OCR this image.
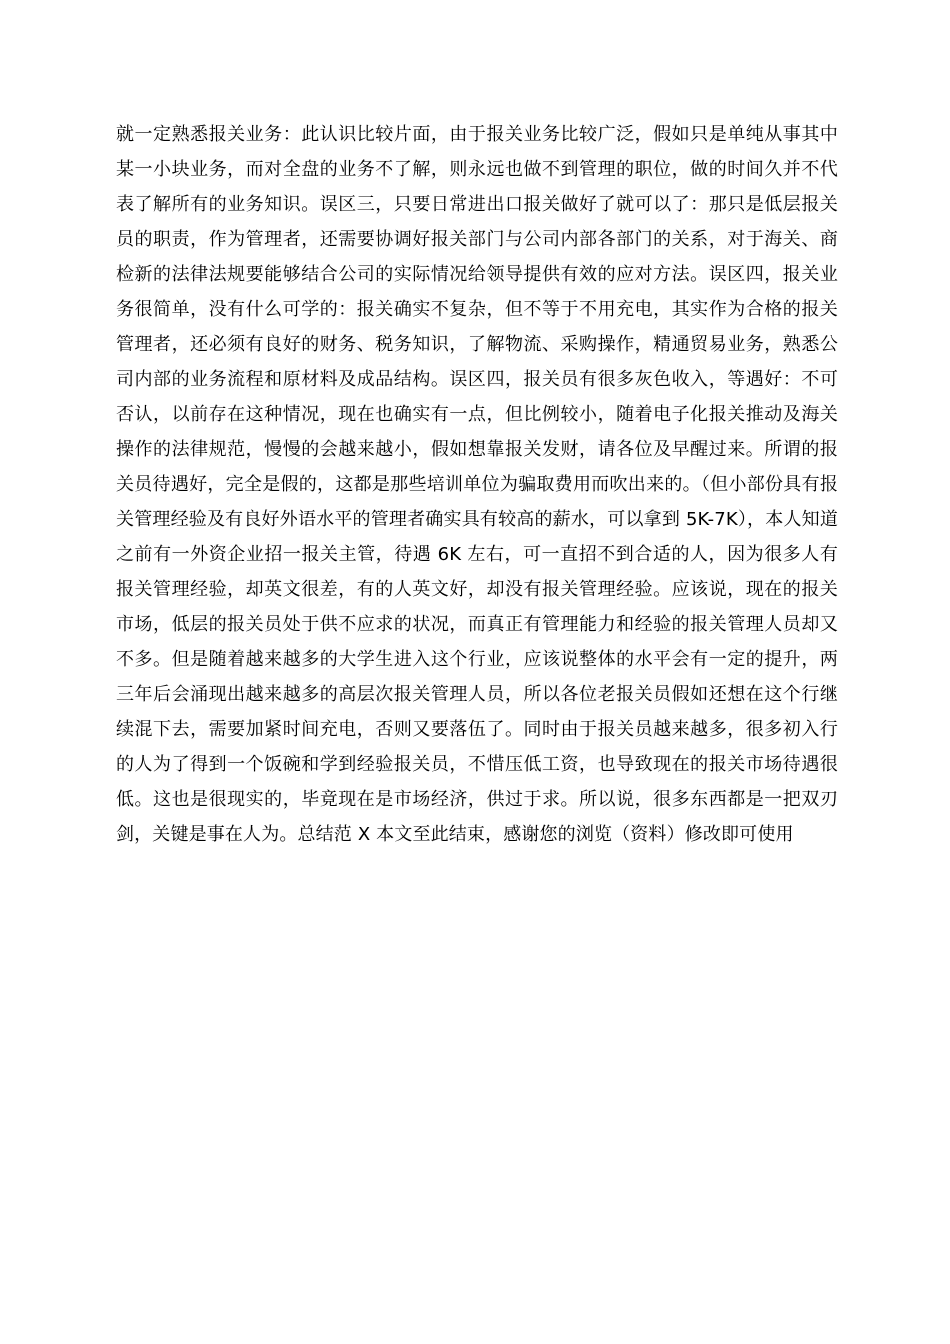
就一定熟悉报关业务：此认识比较片面，由于报关业务比较广泛，假如只是单纯从事其中某一小块业务，而对全盘的业务不了解，则永远也做不到管理的职位，做的时间久并不代表了解所有的业务知识。误区三，只要日常进出口报关做好了就可以了：那只是低层报关员的职责，作为管理者，还需要协调好报关部门与公司内部各部门的关系，对于海关、商检新的法律法规要能够结合公司的实际情况给领导提供有效的应对方法。误区四，报关业务很简单，没有什么可学的：报关确实不复杂，但不等于不用充电，其实作为合格的报关管理者，还必须有良好的财务、税务知识，了解物流、采购操作，精通贸易业务，熟悉公司内部的业务流程和原材料及成品结构。误区四，报关员有很多灰色收入，等遇好：不可否认，以前存在这种情况，现在也确实有一点，但比例较小，随着电子化报关推动及海关操作的法律规范，慢慢的会越来越小，假如想靠报关发财，请各位及早醒过来。所谓的报关员待遇好，完全是假的，这都是那些培训单位为骗取费用而吹出来的。（但小部份具有报关管理经验及有良好外语水平的管理者确实具有较高的薪水，可以拿到 5K-7K），本人知道之前有一外资企业招一报关主管，待遇 6K 左右，可一直招不到合适的人，因为很多人有报关管理经验，却英文很差，有的人英文好，却没有报关管理经验。应该说，现在的报关市场，低层的报关员处于供不应求的状况，而真正有管理能力和经验的报关管理人员却又不多。但是随着越来越多的大学生进入这个行业，应该说整体的水平会有一定的提升，两三年后会涌现出越来越多的高层次报关管理人员，所以各位老报关员假如还想在这个行继续混下去，需要加紧时间充电，否则又要落伍了。同时由于报关员越来越多，很多初入行的人为了得到一个饭碗和学到经验报关员，不惜压低工资，也导致现在的报关市场待遇很低。这也是很现实的，毕竟现在是市场经济，供过于求。所以说，很多东西都是一把双刃剑，关键是事在人为。总结范 X 本文至此结束，感谢您的浏览（资料）修改即可使用
